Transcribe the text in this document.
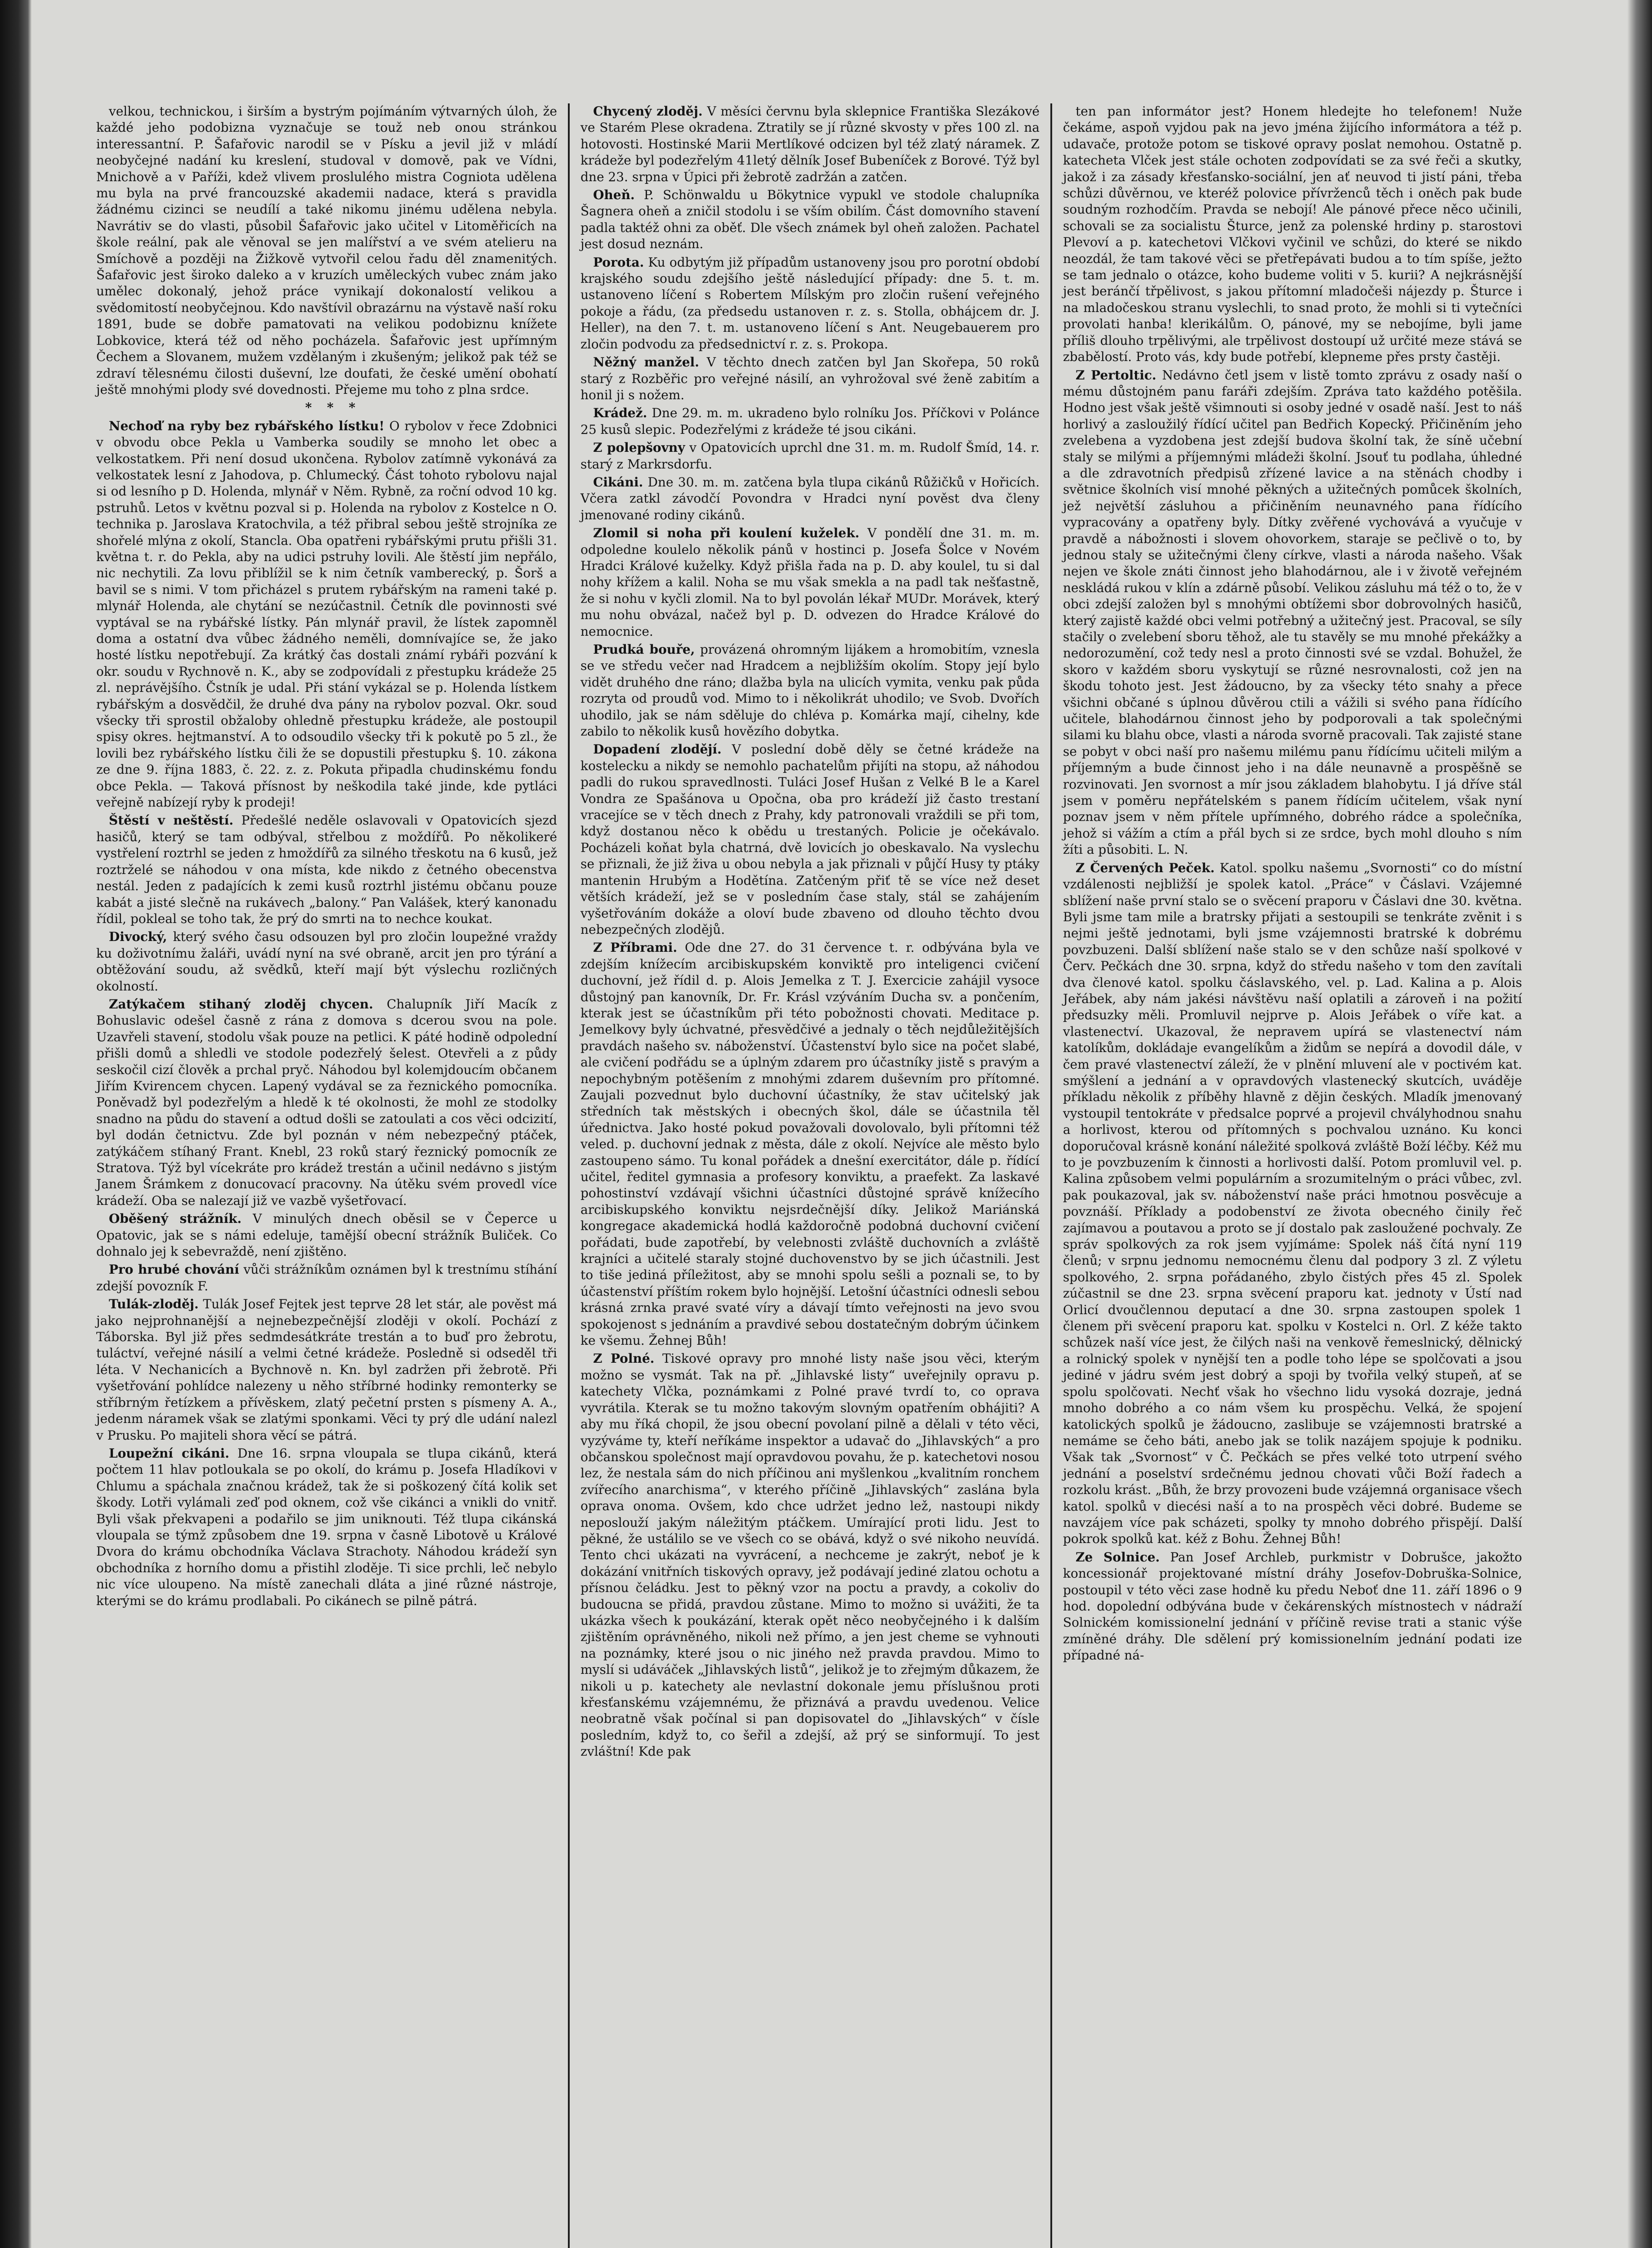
velkou, technickou, i širším a bystrým pojímáním výtvarných úloh, že každé jeho podobizna vyznačuje se touž neb onou stránkou interessantní. P. Šafařovic narodil se v Písku a jevil již v mládí neobyčejné nadání ku kreslení, studoval v domově, pak ve Vídni, Mnichově a v Paříži, kdež vlivem proslulého mistra Cogniota udělena mu byla na prvé francouzské akademii nadace, která s pravidla žádnému cizinci se neudílí a také nikomu jinému udělena nebyla. Navrátiv se do vlasti, působil Šafařovic jako učitel v Litoměřicích na škole reální, pak ale věnoval se jen malířství a ve svém atelieru na Smíchově a později na Žižkově vytvořil celou řadu děl znamenitých. Šafařovic jest široko daleko a v kruzích uměleckých vubec znám jako umělec dokonalý, jehož práce vynikají dokonalostí velikou a svědomitostí neobyčejnou. Kdo navštívil obrazárnu na výstavě naší roku 1891, bude se dobře pamatovati na velikou podobiznu knížete Lobkovice, která též od něho pocházela. Šafařovic jest upřímným Čechem a Slovanem, mužem vzdělaným i zkušeným; jelikož pak též se zdraví tělesnému čilosti duševní, lze doufati, že české umění obohatí ještě mnohými plody své dovednosti. Přejeme mu toho z plna srdce.

* * *

Nechoď na ryby bez rybářského lístku! O rybolov v řece Zdobnici v obvodu obce Pekla u Vamberka soudily se mnoho let obec a velkostatkem. Při není dosud ukončena. Rybolov zatímně vykonává za velkostatek lesní z Jahodova, p. Chlumecký. Část tohoto rybolovu najal si od lesního p D. Holenda, mlynář v Něm. Rybně, za roční odvod 10 kg. pstruhů. Letos v květnu pozval si p. Holenda na rybolov z Kostelce n O. technika p. Jaroslava Kratochvila, a též přibral sebou ještě strojníka ze shořelé mlýna z okolí, Stancla. Oba opatřeni rybářskými prutu přišli 31. května t. r. do Pekla, aby na udici pstruhy lovili. Ale štěstí jim nepřálo, nic nechytili. Za lovu přiblížil se k nim četník vamberecký, p. Šorš a bavil se s nimi. V tom přicházel s prutem rybářským na rameni také p. mlynář Holenda, ale chytání se nezúčastnil. Četník dle povinnosti své vyptával se na rybářské lístky. Pán mlynář pravil, že lístek zapomněl doma a ostatní dva vůbec žádného neměli, domnívajíce se, že jako hosté lístku nepotřebují. Za krátký čas dostali známí rybáři pozvání k okr. soudu v Rychnově n. K., aby se zodpovídali z přestupku krádeže 25 zl. neprávějšího. Čstník je udal. Při stání vykázal se p. Holenda lístkem rybářským a dosvědčil, že druhé dva pány na rybolov pozval. Okr. soud všecky tři sprostil obžaloby ohledně přestupku krádeže, ale postoupil spisy okres. hejtmanství. A to odsoudilo všecky tři k pokutě po 5 zl., že lovili bez rybářského lístku čili že se dopustili přestupku §. 10. zákona ze dne 9. října 1883, č. 22. z. z. Pokuta připadla chudinskému fondu obce Pekla. — Taková přísnost by neškodila také jinde, kde pytláci veřejně nabízejí ryby k prodeji!

Štěstí v neštěstí. Předešlé neděle oslavovali v Opatovicích sjezd hasičů, který se tam odbýval, střelbou z moždířů. Po několikeré vystřelení roztrhl se jeden z hmoždířů za silného třeskotu na 6 kusů, jež roztrželé se náhodou v ona místa, kde nikdo z četného obecenstva nestál. Jeden z padajících k zemi kusů roztrhl jistému občanu pouze kabát a jisté slečně na rukávech „balony.“ Pan Valášek, který kanonadu řídil, pokleal se toho tak, že prý do smrti na to nechce koukat.

Divocký, který svého času odsouzen byl pro zločin loupežné vraždy ku doživotnímu žaláři, uvádí nyní na své obraně, arcit jen pro týrání a obtěžování soudu, až svědků, kteří mají být výslechu rozličných okolností.

Zatýkačem stihaný zloděj chycen. Chalupník Jiří Macík z Bohuslavic odešel časně z rána z domova s dcerou svou na pole. Uzavřeli stavení, stodolu však pouze na petlici. K páté hodině odpolední přišli domů a shledli ve stodole podezřelý šelest. Otevřeli a z půdy seskočil cizí člověk a prchal pryč. Náhodou byl kolemjdoucím občanem Jiřím Kvirencem chycen. Lapený vydával se za řeznického pomocníka. Poněvadž byl podezřelým a hledě k té okolnosti, že mohl ze stodolky snadno na půdu do stavení a odtud došli se zatoulati a cos věci odcizití, byl dodán četnictvu. Zde byl poznán v ném nebezpečný ptáček, zatýkáčem stíhaný Frant. Knebl, 23 roků starý řeznický pomocník ze Stratova. Týž byl vícekráte pro krádež trestán a učinil nedávno s jistým Janem Šrámkem z donucovací pracovny. Na útěku svém provedl více krádeží. Oba se nalezají již ve vazbě vyšetřovací.

Oběšený strážník. V minulých dnech oběsil se v Čeperce u Opatovic, jak se s námi edeluje, tamější obecní strážník Buliček. Co dohnalo jej k sebevraždě, není zjištěno.

Pro hrubé chování vůči strážníkům oznámen byl k trestnímu stíhání zdejší povozník F.

Tulák-zloděj. Tulák Josef Fejtek jest teprve 28 let stár, ale pověst má jako nejprohnanější a nejnebezpečnější zloději v okolí. Pochází z Táborska. Byl již přes sedmdesátkráte trestán a to buď pro žebrotu, tuláctví, veřejné násilí a velmi četné krádeže. Posledně si odseděl tři léta. V Nechanicích a Bychnově n. Kn. byl zadržen při žebrotě. Při vyšetřování pohlídce nalezeny u něho stříbrné hodinky remonterky se stříbrným řetízkem a přívěskem, zlatý pečetní prsten s písmeny A. A., jedenm náramek však se zlatými sponkami. Věci ty prý dle udání nalezl v Prusku. Po majiteli shora věcí se pátrá.

Loupežní cikáni. Dne 16. srpna vloupala se tlupa cikánů, která počtem 11 hlav potloukala se po okolí, do krámu p. Josefa Hladíkovi v Chlumu a spáchala značnou krádež, tak že si poškozený čítá kolik set škody. Lotři vylámali zeď pod oknem, což vše cikánci a vnikli do vnitř. Byli však překvapeni a podařilo se jim uniknouti. Též tlupa cikánská vloupala se týmž způsobem dne 19. srpna v časně Libotově u Králové Dvora do krámu obchodníka Václava Strachoty. Náhodou krádeží syn obchodníka z horního domu a přistihl zloděje. Ti sice prchli, leč nebylo nic více uloupeno. Na místě zanechali dláta a jiné různé nástroje, kterými se do krámu prodlabali. Po cikánech se pilně pátrá.

Chycený zloděj. V měsíci červnu byla sklepnice Františka Slezákové ve Starém Plese okradena. Ztratily se jí různé skvosty v přes 100 zl. na hotovosti. Hostinské Marii Mertlíkové odcizen byl též zlatý náramek. Z krádeže byl podezřelým 41letý dělník Josef Bubeníček z Borové. Týž byl dne 23. srpna v Úpici při žebrotě zadržán a zatčen.

Oheň. P. Schönwaldu u Bökytnice vypukl ve stodole chalupníka Šagnera oheň a zničil stodolu i se vším obilím. Část domovního stavení padla taktéž ohni za oběť. Dle všech známek byl oheň založen. Pachatel jest dosud neznám.

Porota. Ku odbytým již případům ustanoveny jsou pro porotní období krajského soudu zdejšího ještě následující případy: dne 5. t. m. ustanoveno líčení s Robertem Mílským pro zločin rušení veřejného pokoje a řádu, (za předsedu ustanoven r. z. s. Stolla, obhájcem dr. J. Heller), na den 7. t. m. ustanoveno líčení s Ant. Neugebauerem pro zločin podvodu za předsednictví r. z. s. Prokopa.

Něžný manžel. V těchto dnech zatčen byl Jan Skořepa, 50 roků starý z Rozběřic pro veřejné násilí, an vyhrožoval své ženě zabitím a honil ji s nožem.

Krádež. Dne 29. m. m. ukradeno bylo rolníku Jos. Příčkovi v Polánce 25 kusů slepic. Podezřelými z krádeže té jsou cikáni.

Z polepšovny v Opatovicích uprchl dne 31. m. m. Rudolf Šmíd, 14. r. starý z Markrsdorfu.

Cikáni. Dne 30. m. m. zatčena byla tlupa cikánů Růžičků v Hořicích. Včera zatkl závodčí Povondra v Hradci nyní pověst dva členy jmenované rodiny cikánů.

Zlomil si noha při koulení kuželek. V pondělí dne 31. m. m. odpoledne koulelo několik pánů v hostinci p. Josefa Šolce v Novém Hradci Králové kuželky. Když přišla řada na p. D. aby koulel, tu si dal nohy křížem a kalil. Noha se mu však smekla a na padl tak nešťastně, že si nohu v kyčli zlomil. Na to byl povolán lékař MUDr. Morávek, který mu nohu obvázal, načež byl p. D. odvezen do Hradce Králové do nemocnice.

Prudká bouře, provázená ohromným lijákem a hromobitím, vznesla se ve středu večer nad Hradcem a nejbližším okolím. Stopy její bylo vidět druhého dne ráno; dlažba byla na ulicích vymita, venku pak půda rozryta od proudů vod. Mimo to i několikrát uhodilo; ve Svob. Dvořích uhodilo, jak se nám sděluje do chléva p. Komárka mají, cihelny, kde zabilo to několik kusů hovězího dobytka.

Dopadení zlodějí. V poslední době děly se četné krádeže na kostelecku a nikdy se nemohlo pachatelům přijíti na stopu, až náhodou padli do rukou spravedlnosti. Tuláci Josef Hušan z Velké B le a Karel Vondra ze Spašánova u Opočna, oba pro krádeží již často trestaní vracejíce se v těch dnech z Prahy, kdy patronovali vraždili se při tom, když dostanou něco k obědu u trestaných. Policie je očekávalo. Pocházeli koňat byla chatrná, dvě lovicích jo obeskavalo. Na vyslechu se přiznali, že již živa u obou nebyla a jak přiznali v půjčí Husy ty ptáky mantenin Hrubým a Hodětína. Zatčeným přiť tě se více než deset větších krádeží, jež se v posledním čase staly, stál se zahájením vyšetřováním dokáže a oloví bude zbaveno od dlouho těchto dvou nebezpečných zlodějů.

Z Příbrami. Ode dne 27. do 31 července t. r. odbývána byla ve zdejším knížecím arcibiskupském konviktě pro inteligenci cvičení duchovní, jež řídil d. p. Alois Jemelka z T. J. Exercicie zahájil vysoce důstojný pan kanovník, Dr. Fr. Krásl vzýváním Ducha sv. a pončením, kterak jest se účastníkům při této pobožnosti chovati. Meditace p. Jemelkovy byly úchvatné, přesvědčivé a jednaly o těch nejdůležitějších pravdách našeho sv. náboženství. Účastenství bylo sice na počet slabé, ale cvičení podřádu se a úplným zdarem pro účastníky jistě s pravým a nepochybným potěšením z mnohými zdarem duševním pro přítomné. Zaujali pozvednut bylo duchovní účastníky, že stav učitelský jak středních tak městských i obecných škol, dále se účastnila těl úřednictva. Jako hosté pokud považovali dovolovalo, byli přítomni též veled. p. duchovní jednak z města, dále z okolí. Nejvíce ale město bylo zastoupeno sámo. Tu konal pořádek a dnešní exercitátor, dále p. řídící učitel, ředitel gymnasia a profesory konviktu, a praefekt. Za laskavé pohostinství vzdávají všichni účastníci důstojné správě knížecího arcibiskupského konviktu nejsrdečnější díky. Jelikož Mariánská kongregace akademická hodlá každoročně podobná duchovní cvičení pořádati, bude zapotřebí, by velebnosti zvláště duchovních a zvláště krajníci a učitelé staraly stojné duchovenstvo by se jich účastnili. Jest to tiše jediná příležitost, aby se mnohi spolu sešli a poznali se, to by účastenství příštím rokem bylo hojnější. Letošní účastníci odnesli sebou krásná zrnka pravé svaté víry a dávají tímto veřejnosti na jevo svou spokojenost s jednáním a pravdivé sebou dostatečným dobrým účinkem ke všemu. Žehnej Bůh!

Z Polné. Tiskové opravy pro mnohé listy naše jsou věci, kterým možno se vysmát. Tak na př. „Jihlavské listy“ uveřejnily opravu p. katechety Vlčka, poznámkami z Polné pravé tvrdí to, co oprava vyvrátila. Kterak se tu možno takovým slovným opatřením obhájiti? A aby mu říká chopil, že jsou obecní povolaní pilně a dělali v této věci, vyzýváme ty, kteří neříkáme inspektor a udavač do „Jihlavských“ a pro občanskou společnost mají opravdovou povahu, že p. katechetovi nosou lez, že nestala sám do nich příčinou ani myšlenkou „kvalitním ronchem zvířecího anarchisma“, v kterého příčině „Jihlavských“ zaslána byla oprava onoma. Ovšem, kdo chce udržet jedno lež, nastoupi nikdy neposlouží jakým náležitým ptáčkem. Umírající proti lidu. Jest to pěkné, že ustálilo se ve všech co se obává, když o své nikoho neuvídá. Tento chci ukázati na vyvrácení, a nechceme je zakrýt, neboť je k dokázání vnitřních tiskových opravy, jež podávají jediné zlatou ochotu a přísnou čeládku. Jest to pěkný vzor na poctu a pravdy, a cokoliv do budoucna se přidá, pravdou zůstane. Mimo to možno si uvážiti, že ta ukázka všech k poukázání, kterak opět něco neobyčejného i k dalším zjištěním oprávněného, nikoli než přímo, a jen jest cheme se vyhnouti na poznámky, které jsou o nic jiného než pravda pravdou. Mimo to myslí si udáváček „Jihlavských listů“, jelikož je to zřejmým důkazem, že nikoli u p. katechety ale nevlastní dokonale jemu příslušnou proti křesťanskému vzájemnému, že přiznává a pravdu uvedenou. Velice neobratně však počínal si pan dopisovatel do „Jihlavských“ v čísle posledním, když to, co šeřil a zdejší, až prý se sinformují. To jest zvláštní! Kde pak

ten pan informátor jest? Honem hledejte ho telefonem! Nuže čekáme, aspoň vyjdou pak na jevo jména žijícího informátora a též p. udavače, protože potom se tiskové opravy poslat nemohou. Ostatně p. katecheta Vlček jest stále ochoten zodpovídati se za své řeči a skutky, jakož i za zásady křesťansko-sociální, jen ať neuvod ti jistí páni, třeba schůzi důvěrnou, ve kteréž polovice přívrženců těch i oněch pak bude soudným rozhodčím. Pravda se nebojí! Ale pánové přece něco učinili, schovali se za socialistu Šturce, jenž za polenské hrdiny p. starostovi Plevoví a p. katechetovi Vlčkovi vyčinil ve schůzi, do které se nikdo neozdál, že tam takové věci se přetřepávati budou a to tím spíše, ježto se tam jednalo o otázce, koho budeme voliti v 5. kurii? A nejkrásnější jest beránčí třpělivost, s jakou přítomní mladočeši nájezdy p. Šturce i na mladočeskou stranu vyslechli, to snad proto, že mohli si ti vytečníci provolati hanba! klerikálům. O, pánové, my se nebojíme, byli jame příliš dlouho trpělivými, ale trpělivost dostoupí už určité meze stává se zbabělostí. Proto vás, kdy bude potřebí, klepneme přes prsty častěji.

Z Pertoltic. Nedávno četl jsem v listě tomto zprávu z osady naší o mému důstojném panu faráři zdejším. Zpráva tato každého potěšila. Hodno jest však ještě všimnouti si osoby jedné v osadě naší. Jest to náš horlivý a zasloužilý řídící učitel pan Bedřich Kopecký. Přičiněním jeho zvelebena a vyzdobena jest zdejší budova školní tak, že síně učební staly se milými a příjemnými mládeži školní. Jsouť tu podlaha, úhledné a dle zdravotních předpisů zřízené lavice a na stěnách chodby i světnice školních visí mnohé pěkných a užitečných pomůcek školních, jež největší zásluhou a přičiněním neunavného pana řídícího vypracovány a opatřeny byly. Dítky zvěřené vychovává a vyučuje v pravdě a nábožnosti i slovem ohovorkem, staraje se pečlivě o to, by jednou staly se užitečnými členy církve, vlasti a národa našeho. Však nejen ve škole znáti činnost jeho blahodárnou, ale i v životě veřejném neskládá rukou v klín a zdárně působí. Velikou zásluhu má též o to, že v obci zdejší založen byl s mnohými obtížemi sbor dobrovolných hasičů, který zajistě každé obci velmi potřebný a užitečný jest. Pracoval, se síly stačily o zvelebení sboru těhož, ale tu stavěly se mu mnohé překážky a nedorozumění, což tedy nesl a proto činnosti své se vzdal. Bohužel, že skoro v každém sboru vyskytují se různé nesrovnalosti, což jen na škodu tohoto jest. Jest žádoucno, by za všecky této snahy a přece všichni občané s úplnou důvěrou ctili a vážili si svého pana řídícího učitele, blahodárnou činnost jeho by podporovali a tak společnými silami ku blahu obce, vlasti a národa svorně pracovali. Tak zajisté stane se pobyt v obci naší pro našemu milému panu řídícímu učiteli milým a příjemným a bude činnost jeho i na dále neunavně a prospěšně se rozvinovati. Jen svornost a mír jsou základem blahobytu. I já dříve stál jsem v poměru nepřátelském s panem řídícím učitelem, však nyní poznav jsem v něm přítele upřímného, dobrého rádce a společníka, jehož si vážím a ctím a přál bych si ze srdce, bych mohl dlouho s ním žíti a působiti. L. N.

Z Červených Peček. Katol. spolku našemu „Svornosti“ co do místní vzdálenosti nejbližší je spolek katol. „Práce“ v Čáslavi. Vzájemné sblížení naše první stalo se o svěcení praporu v Čáslavi dne 30. května. Byli jsme tam mile a bratrsky přijati a sestoupili se tenkráte zvěnit i s nejmi ještě jednotami, byli jsme vzájemnosti bratrské k dobrému povzbuzeni. Další sblížení naše stalo se v den schůze naší spolkové v Červ. Pečkách dne 30. srpna, když do středu našeho v tom den zavítali dva členové katol. spolku čáslavského, vel. p. Lad. Kalina a p. Alois Jeřábek, aby nám jakési návštěvu naší oplatili a zároveň i na požití předsuzky měli. Promluvil nejprve p. Alois Jeřábek o víře kat. a vlastenectví. Ukazoval, že nepravem upírá se vlastenectví nám katolíkům, dokládaje evangelíkům a židům se nepírá a dovodil dále, v čem pravé vlastenectví záleží, že v plnění mluvení ale v poctivém kat. smýšlení a jednání a v opravdových vlastenecký skutcích, uváděje příkladu několik z příběhy hlavně z dějin českých. Mladík jmenovaný vystoupil tentokráte v předsalce poprvé a projevil chvályhodnou snahu a horlivost, kterou od přítomných s pochvalou uznáno. Ku konci doporučoval krásně konání náležité spolková zvláště Boží léčby. Kéž mu to je povzbuzením k činnosti a horlivosti další. Potom promluvil vel. p. Kalina způsobem velmi populárním a srozumitelným o práci vůbec, zvl. pak poukazoval, jak sv. náboženství naše práci hmotnou posvěcuje a povznáší. Příklady a podobenství ze života obecného činily řeč zajímavou a poutavou a proto se jí dostalo pak zasloužené pochvaly. Ze správ spolkových za rok jsem vyjímáme: Spolek náš čítá nyní 119 členů; v srpnu jednomu nemocnému členu dal podpory 3 zl. Z výletu spolkového, 2. srpna pořádaného, zbylo čistých přes 45 zl. Spolek zúčastnil se dne 23. srpna svěcení praporu kat. jednoty v Ústí nad Orlicí dvoučlennou deputací a dne 30. srpna zastoupen spolek 1 členem při svěcení praporu kat. spolku v Kostelci n. Orl. Z kéže takto schůzek naší více jest, že čilých naši na venkově řemeslnický, dělnický a rolnický spolek v nynější ten a podle toho lépe se spolčovati a jsou jediné v jádru svém jest dobrý a spoji by tvořila velký stupeň, ať se spolu spolčovati. Nechť však ho všechno lidu vysoká dozraje, jedná mnoho dobrého a co nám všem ku prospěchu. Velká, že spojení katolických spolků je žádoucno, zaslibuje se vzájemnosti bratrské a nemáme se čeho báti, anebo jak se tolik nazájem spojuje k podniku. Však tak „Svornost“ v Č. Pečkách se přes velké toto utrpení svého jednání a poselství srdečnému jednou chovati vůči Boží řadech a rozkolu krást. „Bůh, že brzy provozeni bude vzájemná organisace všech katol. spolků v diecési naší a to na prospěch věci dobré. Budeme se navzájem více pak scházeti, spolky ty mnoho dobrého přispějí. Další pokrok spolků kat. kéž z Bohu. Žehnej Bůh!

Ze Solnice. Pan Josef Archleb, purkmistr v Dobrušce, jakožto koncessionář projektované místní dráhy Josefov-Dobruška-Solnice, postoupil v této věci zase hodně ku předu Neboť dne 11. září 1896 o 9 hod. dopolední odbývána bude v čekárenských místnostech v nádraží Solnickém komissionelní jednání v příčině revise trati a stanic výše zmíněné dráhy. Dle sdělení prý komissionelním jednání podati ize případné ná-
